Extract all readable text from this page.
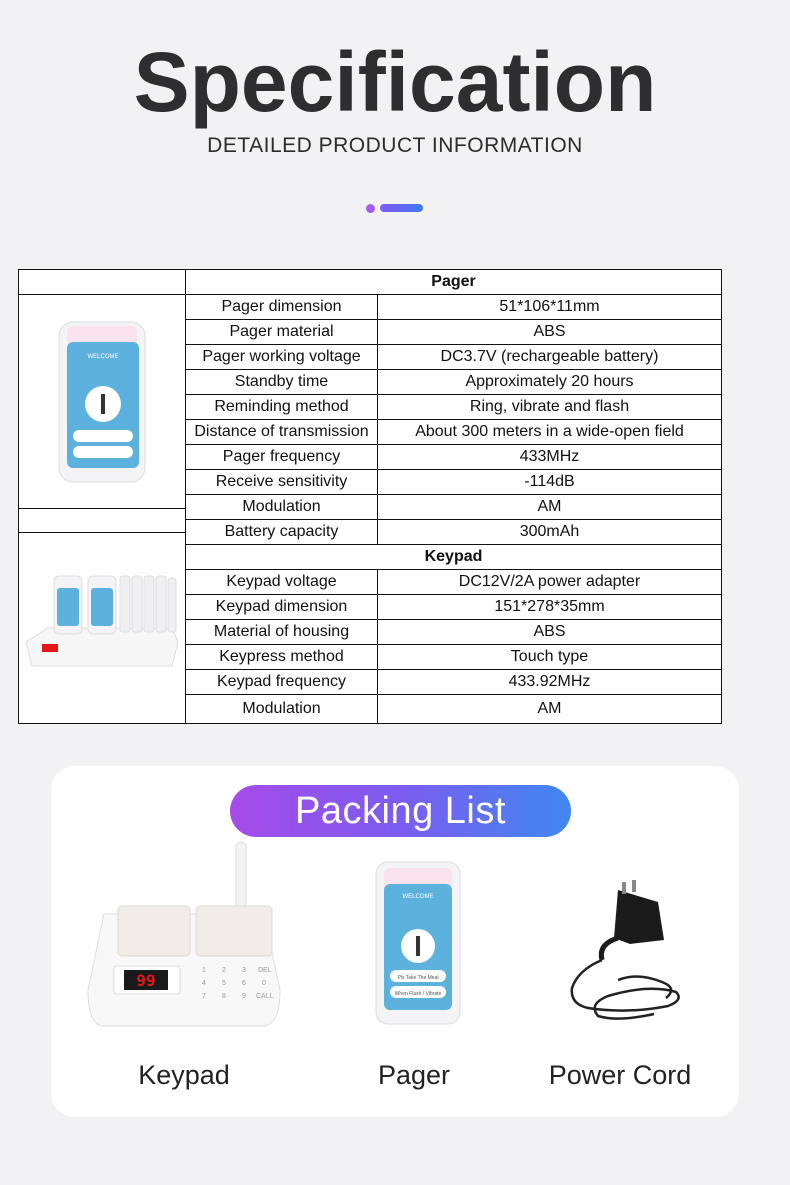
Specification
DETAILED PRODUCT INFORMATION
Pager
Pager dimension	51*106*11mm
Pager material	ABS
Pager working voltage	DC3.7V (rechargeable battery)
Standby time	Approximately 20 hours
Reminding method	Ring, vibrate and flash
Distance of transmission	About 300 meters in a wide-open field
Pager frequency	433MHz
Receive sensitivity	-114dB
Modulation	AM
Battery capacity	300mAh
Keypad
Keypad voltage	DC12V/2A power adapter
Keypad dimension	151*278*35mm
Material of housing	ABS
Keypress method	Touch type
Keypad frequency	433.92MHz
Modulation	AM
WELCOME
Packing List
99
1 2 3 DEL
4 5 6 0
7 8 9 CALL
WELCOME
Pls Take The Meal
When Flash / Vibrate
Keypad	Pager	Power Cord
